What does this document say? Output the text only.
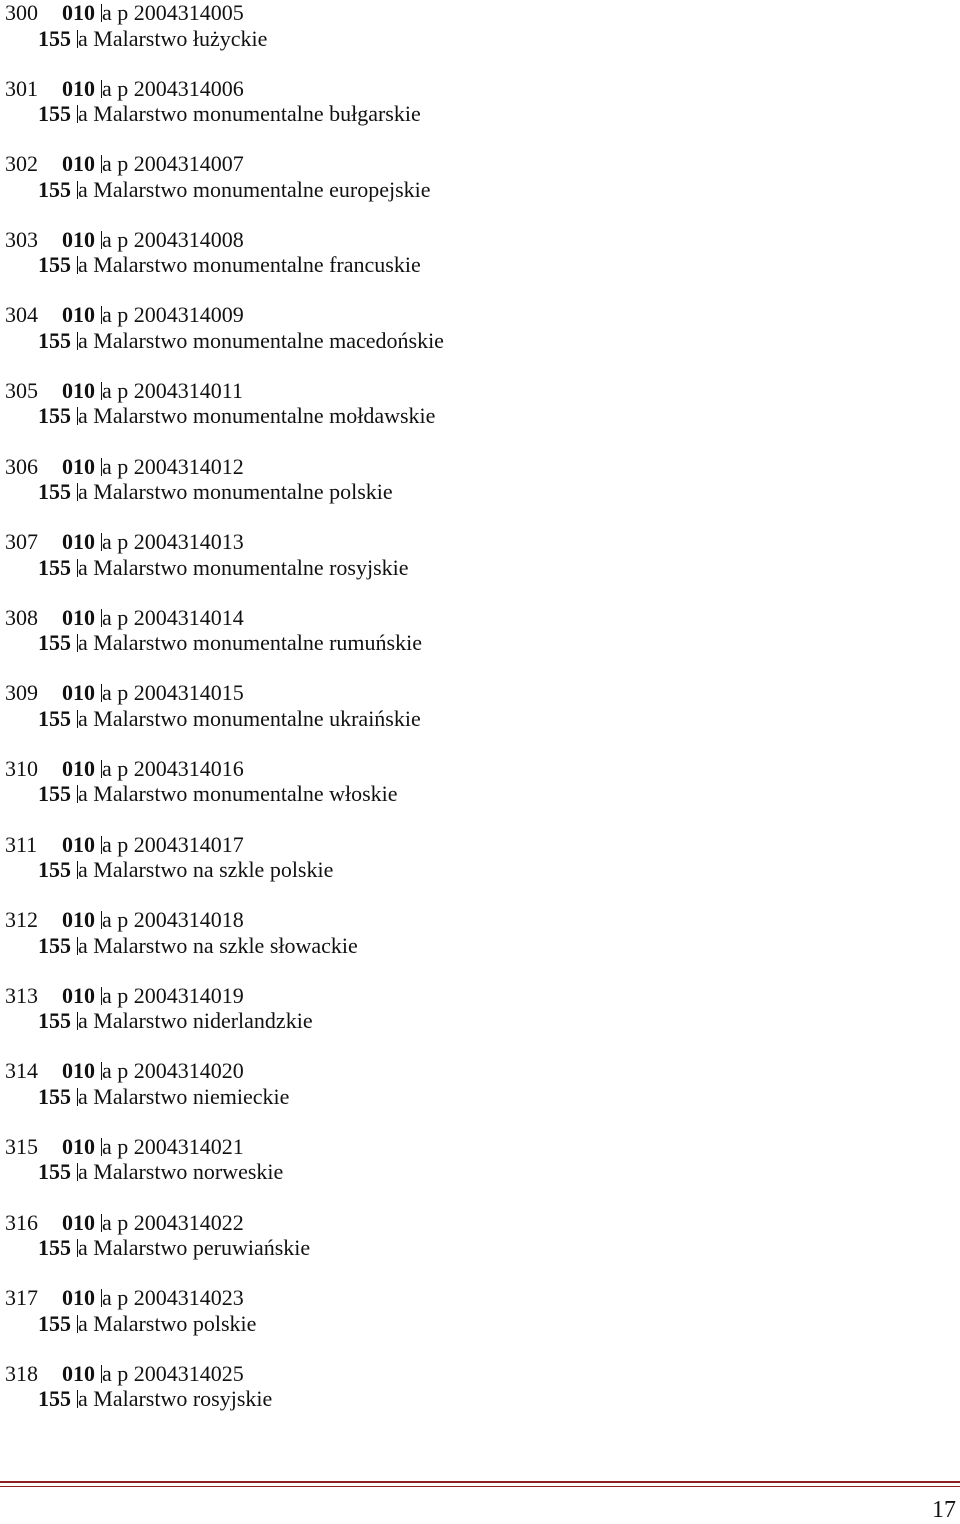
300 010 a p 2004314005
155 a Malarstwo łużyckie
301 010 a p 2004314006
155 a Malarstwo monumentalne bułgarskie
302 010 a p 2004314007
155 a Malarstwo monumentalne europejskie
303 010 a p 2004314008
155 a Malarstwo monumentalne francuskie
304 010 a p 2004314009
155 a Malarstwo monumentalne macedońskie
305 010 a p 2004314011
155 a Malarstwo monumentalne mołdawskie
306 010 a p 2004314012
155 a Malarstwo monumentalne polskie
307 010 a p 2004314013
155 a Malarstwo monumentalne rosyjskie
308 010 a p 2004314014
155 a Malarstwo monumentalne rumuńskie
309 010 a p 2004314015
155 a Malarstwo monumentalne ukraińskie
310 010 a p 2004314016
155 a Malarstwo monumentalne włoskie
311 010 a p 2004314017
155 a Malarstwo na szkle polskie
312 010 a p 2004314018
155 a Malarstwo na szkle słowackie
313 010 a p 2004314019
155 a Malarstwo niderlandzkie
314 010 a p 2004314020
155 a Malarstwo niemieckie
315 010 a p 2004314021
155 a Malarstwo norweskie
316 010 a p 2004314022
155 a Malarstwo peruwiańskie
317 010 a p 2004314023
155 a Malarstwo polskie
318 010 a p 2004314025
155 a Malarstwo rosyjskie
17
